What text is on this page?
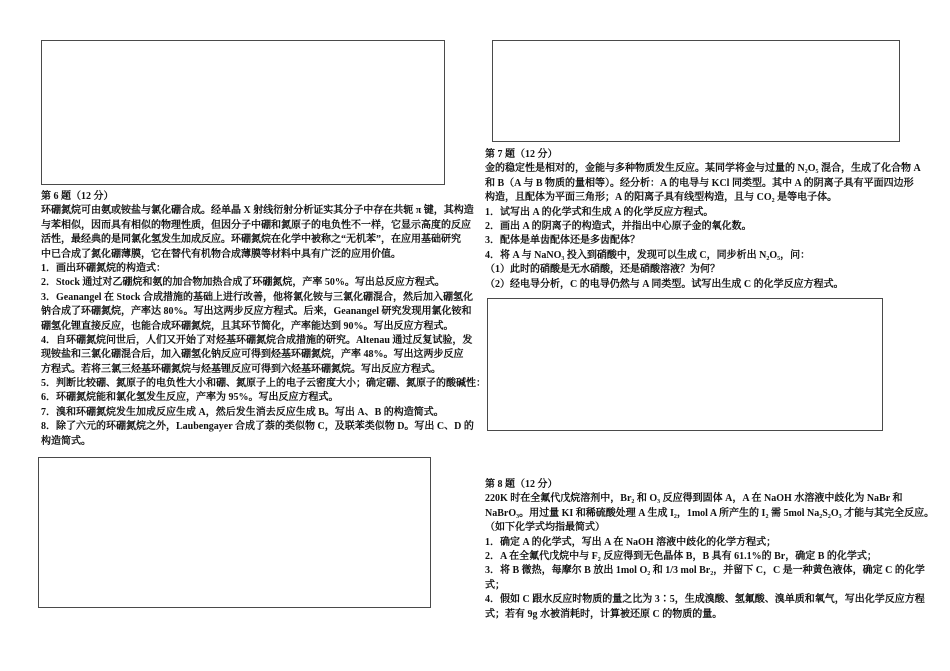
第 6 题（12 分）
环硼氮烷可由氨或铵盐与氯化硼合成。经单晶 X 射线衍射分析证实其分子中存在共轭 π 键，其构造
与苯相似，因而具有相似的物理性质，但因分子中硼和氮原子的电负性不一样，它显示高度的反应
活性，最经典的是同氯化氢发生加成反应。环硼氮烷在化学中被称之“无机苯”，在应用基础研究
中已合成了氮化硼薄膜，它在替代有机物合成薄膜等材料中具有广泛的应用价值。
1．画出环硼氮烷的构造式：
2．Stock 通过对乙硼烷和氨的加合物加热合成了环硼氮烷，产率 50%。写出总反应方程式。
3．Geanangel 在 Stock 合成措施的基础上进行改善，他将氯化铵与三氯化硼混合，然后加入硼氢化
钠合成了环硼氮烷，产率达 80%。写出这两步反应方程式。后来，Geanangel 研究发现用氯化铵和
硼氢化锂直接反应，也能合成环硼氮烷，且其环节简化，产率能达到 90%。写出反应方程式。
4．自环硼氮烷问世后，人们又开始了对烃基环硼氮烷合成措施的研究。Altenau 通过反复试验，发
现铵盐和三氯化硼混合后，加入硼氢化钠反应可得到烃基环硼氮烷，产率 48%。写出这两步反应
方程式。若将三氯三烃基环硼氮烷与烃基锂反应可得到六烃基环硼氮烷。写出反应方程式。
5．判断比较硼、氮原子的电负性大小和硼、氮原子上的电子云密度大小；确定硼、氮原子的酸碱性：
6．环硼氮烷能和氯化氢发生反应，产率为 95%。写出反应方程式。
7．溴和环硼氮烷发生加成反应生成 A，然后发生消去反应生成 B。写出 A、B 的构造简式。
8．除了六元的环硼氮烷之外，Laubengayer 合成了萘的类似物 C，及联苯类似物 D。写出 C、D 的
构造简式。
第 7 题（12 分）
金的稳定性是相对的，金能与多种物质发生反应。某同学将金与过量的 N₂O₅ 混合，生成了化合物 A
和 B（A 与 B 物质的量相等）。经分析：A 的电导与 KCl 同类型。其中 A 的阴离子具有平面四边形
构造，且配体为平面三角形；A 的阳离子具有线型构造，且与 CO₂ 是等电子体。
1．试写出 A 的化学式和生成 A 的化学反应方程式。
2．画出 A 的阴离子的构造式，并指出中心原子金的氧化数。
3．配体是单齿配体还是多齿配体？
4．将 A 与 NaNO₃ 投入到硝酸中，发现可以生成 C，同步析出 N₂O₅，问：
（1）此时的硝酸是无水硝酸，还是硝酸溶液？为何？
（2）经电导分析，C 的电导仍然与 A 同类型。试写出生成 C 的化学反应方程式。
第 8 题（12 分）
220K 时在全氟代戊烷溶剂中，Br₂ 和 O₃ 反应得到固体 A，A 在 NaOH 水溶液中歧化为 NaBr 和
NaBrO₃。用过量 KI 和稀硫酸处理 A 生成 I₂，1mol A 所产生的 I₂ 需 5mol Na₂S₂O₃ 才能与其完全反应。
（如下化学式均指最简式）
1．确定 A 的化学式，写出 A 在 NaOH 溶液中歧化的化学方程式；
2．A 在全氟代戊烷中与 F₂ 反应得到无色晶体 B，B 具有 61.1%的 Br，确定 B 的化学式；
3．将 B 微热，每摩尔 B 放出 1mol O₂ 和 1/3 mol Br₂，并留下 C，C 是一种黄色液体，确定 C 的化学
式；
4．假如 C 跟水反应时物质的量之比为 3∶5，生成溴酸、氢氟酸、溴单质和氧气，写出化学反应方程
式；若有 9g 水被消耗时，计算被还原 C 的物质的量。
